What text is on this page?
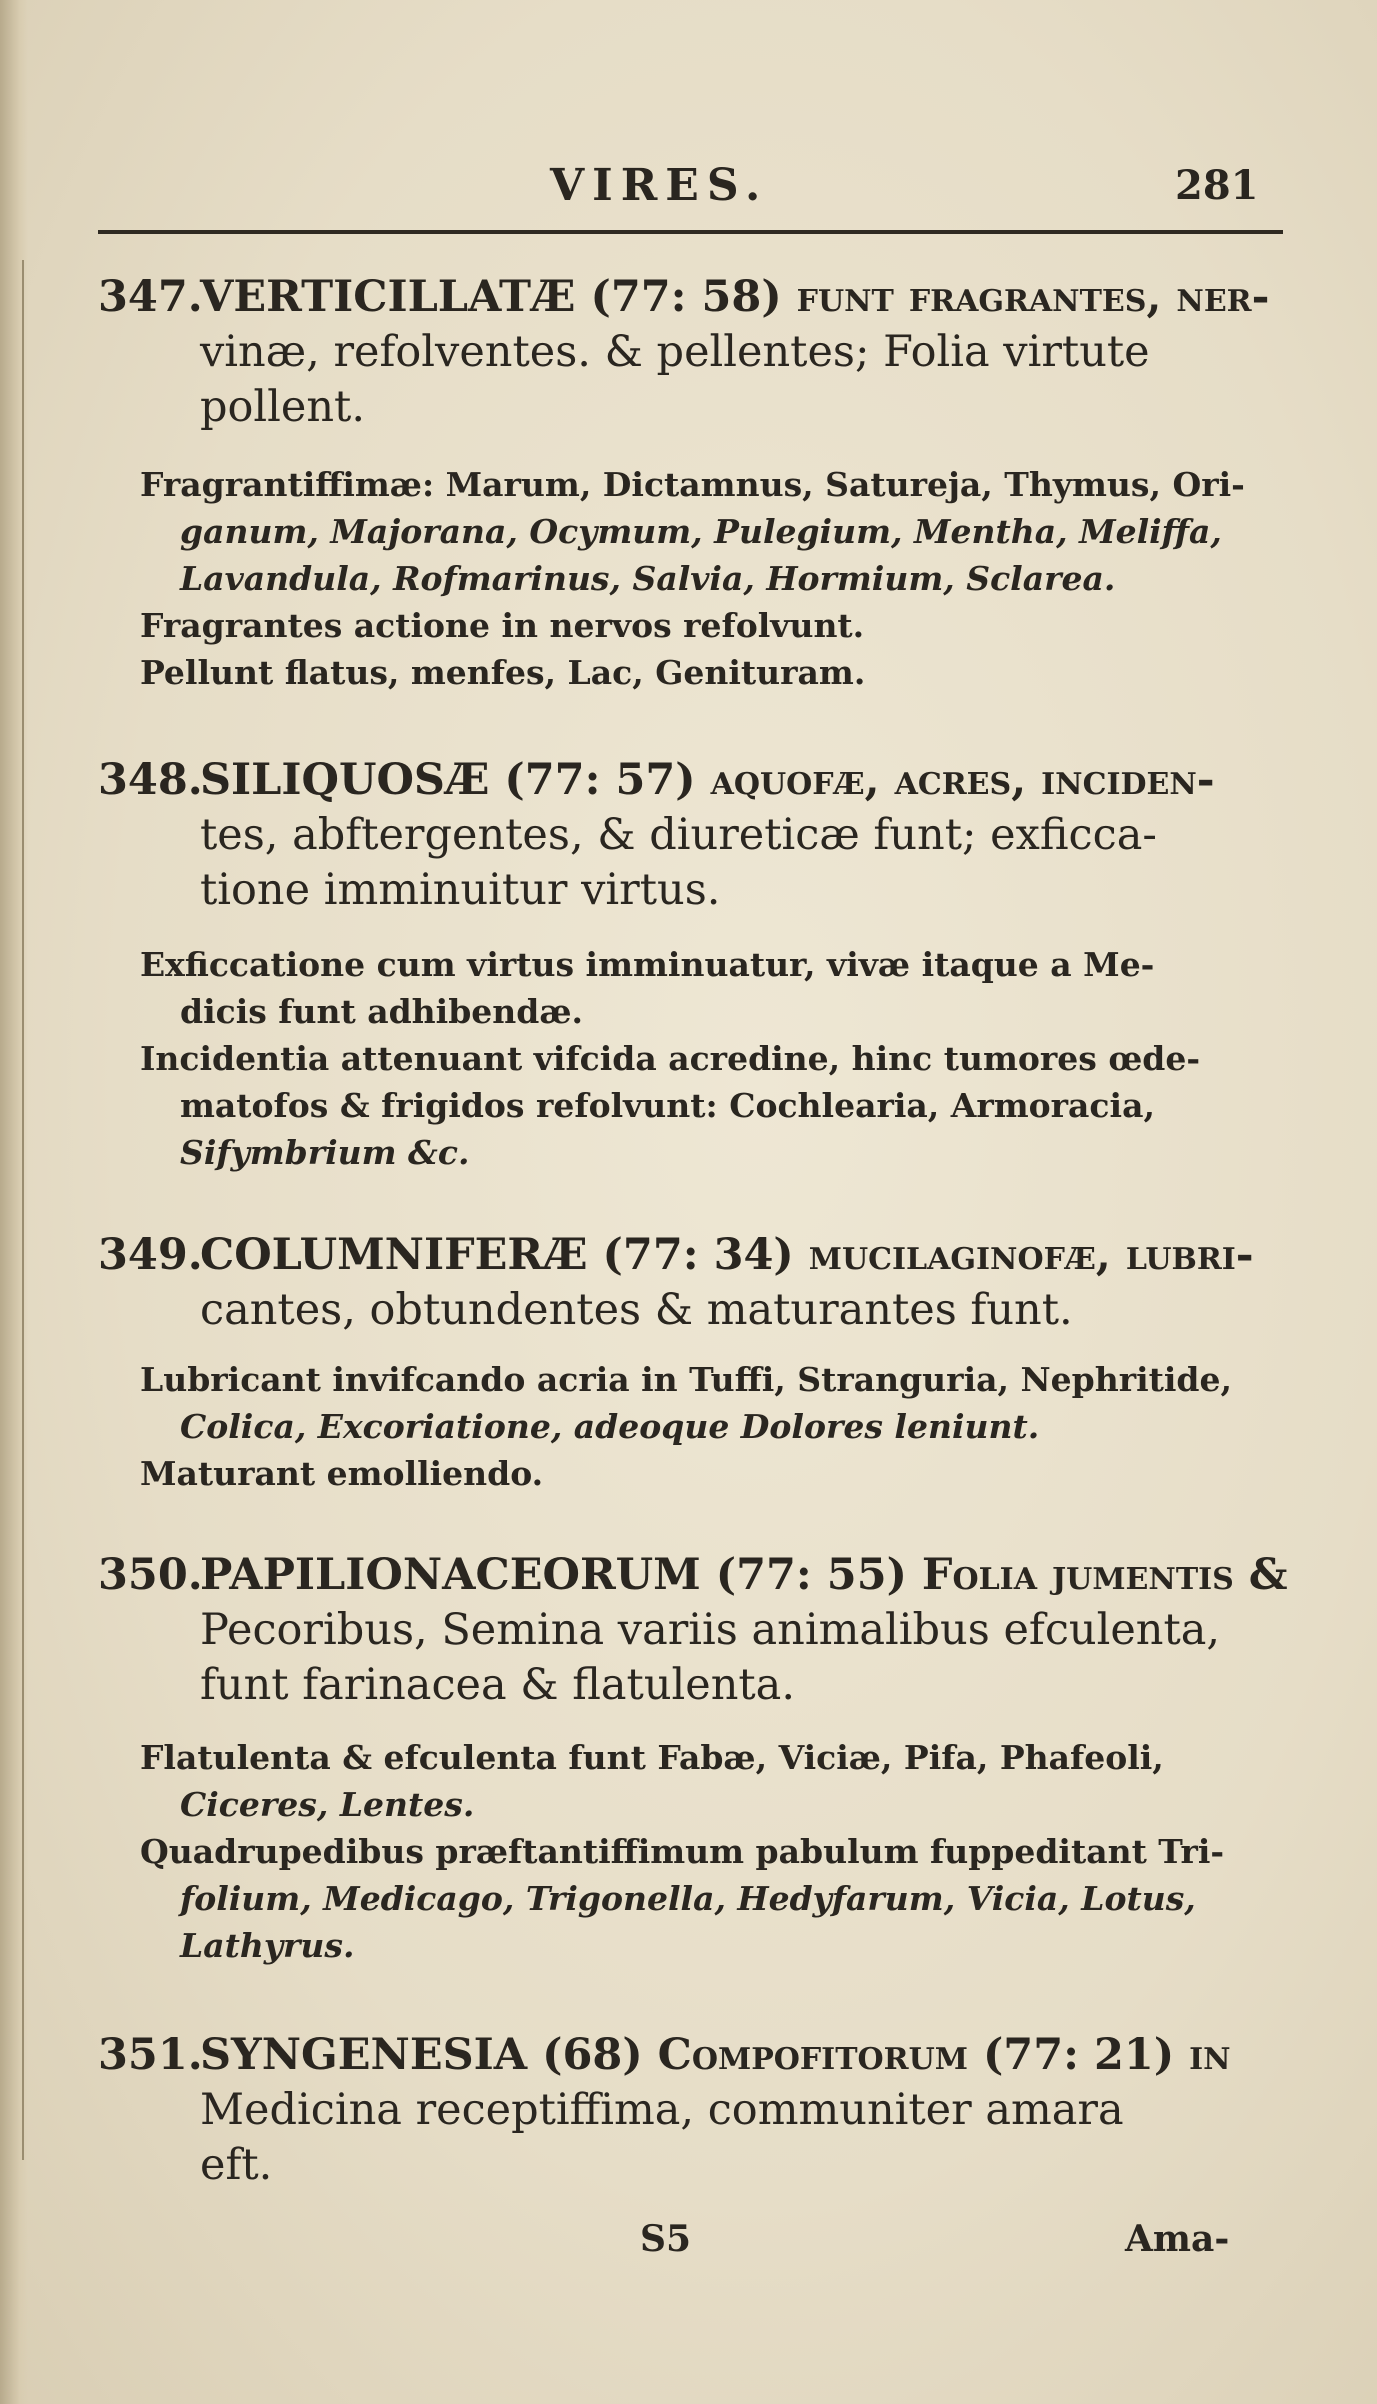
VIRES.	281
347.
VERTICILLATÆ (77: 58) funt fragrantes, ner-
vinæ, refolventes. & pellentes; Folia virtute
pollent.
Fragrantiffimæ: Marum, Dictamnus, Satureja, Thymus, Ori-
ganum, Majorana, Ocymum, Pulegium, Mentha, Meliffa,
Lavandula, Rofmarinus, Salvia, Hormium, Sclarea.
Fragrantes actione in nervos refolvunt.
Pellunt flatus, menfes, Lac, Genituram.
348.
SILIQUOSÆ (77: 57) aquofæ, acres, inciden-
tes, abftergentes, & diureticæ funt; exficca-
tione imminuitur virtus.
Exficcatione cum virtus imminuatur, vivæ itaque a Me-
dicis funt adhibendæ.
Incidentia attenuant vifcida acredine, hinc tumores œde-
matofos & frigidos refolvunt: Cochlearia, Armoracia,
Sifymbrium &c.
349.
COLUMNIFERÆ (77: 34) mucilaginofæ, lubri-
cantes, obtundentes & maturantes funt.
Lubricant invifcando acria in Tuffi, Stranguria, Nephritide,
Colica, Excoriatione, adeoque Dolores leniunt.
Maturant emolliendo.
350.
PAPILIONACEORUM (77: 55) Folia jumentis &
Pecoribus, Semina variis animalibus efculenta,
funt farinacea & flatulenta.
Flatulenta & efculenta funt Fabæ, Viciæ, Pifa, Phafeoli,
Ciceres, Lentes.
Quadrupedibus præftantiffimum pabulum fuppeditant Tri-
folium, Medicago, Trigonella, Hedyfarum, Vicia, Lotus,
Lathyrus.
351.
SYNGENESIA (68) Compofitorum (77: 21) in
Medicina receptiffima, communiter amara
eft.
S5	Ama-
